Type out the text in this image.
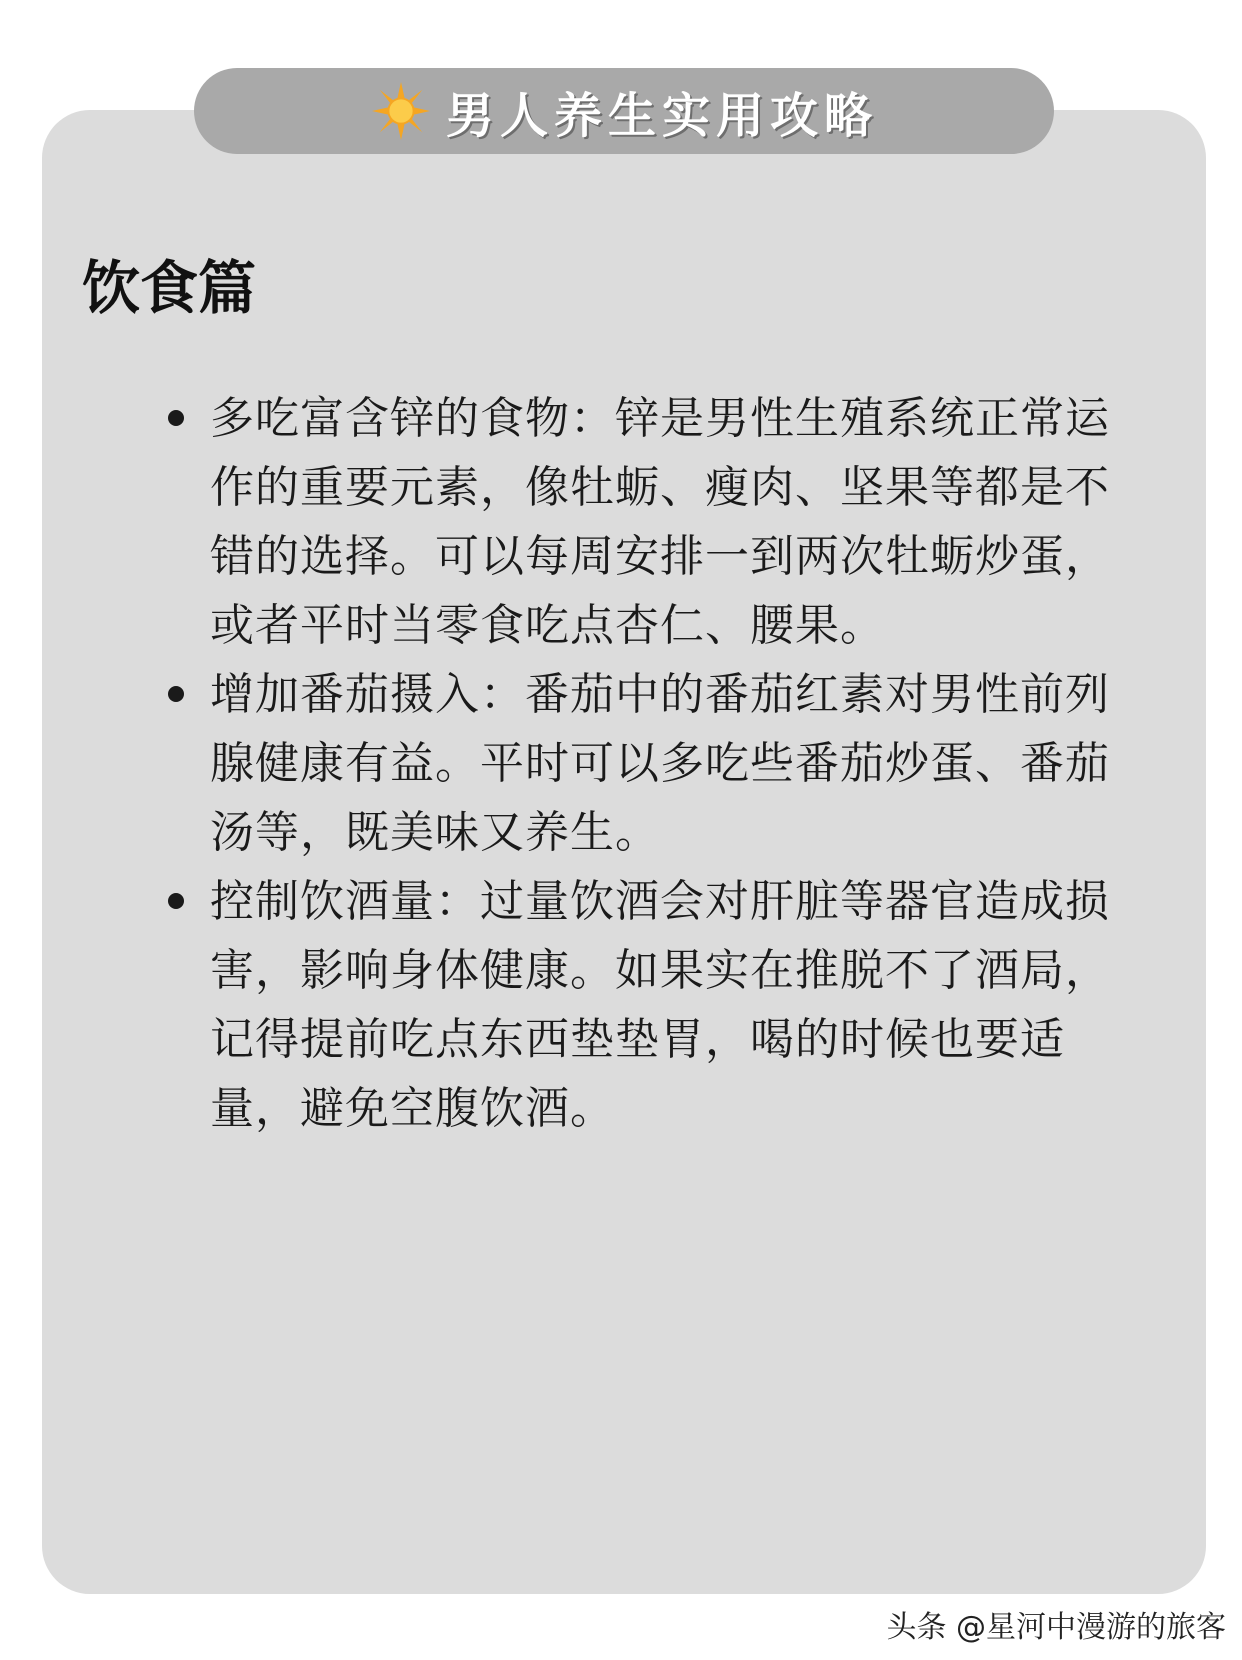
男人养生实用攻略
饮食篇
多吃富含锌的食物：锌是男性生殖系统正常运作的重要元素，像牡蛎、瘦肉、坚果等都是不错的选择。可以每周安排一到两次牡蛎炒蛋，或者平时当零食吃点杏仁、腰果。
增加番茄摄入：番茄中的番茄红素对男性前列腺健康有益。平时可以多吃些番茄炒蛋、番茄汤等，既美味又养生。
控制饮酒量：过量饮酒会对肝脏等器官造成损害，影响身体健康。如果实在推脱不了酒局，记得提前吃点东西垫垫胃，喝的时候也要适量，避免空腹饮酒。
头条 @星河中漫游的旅客
